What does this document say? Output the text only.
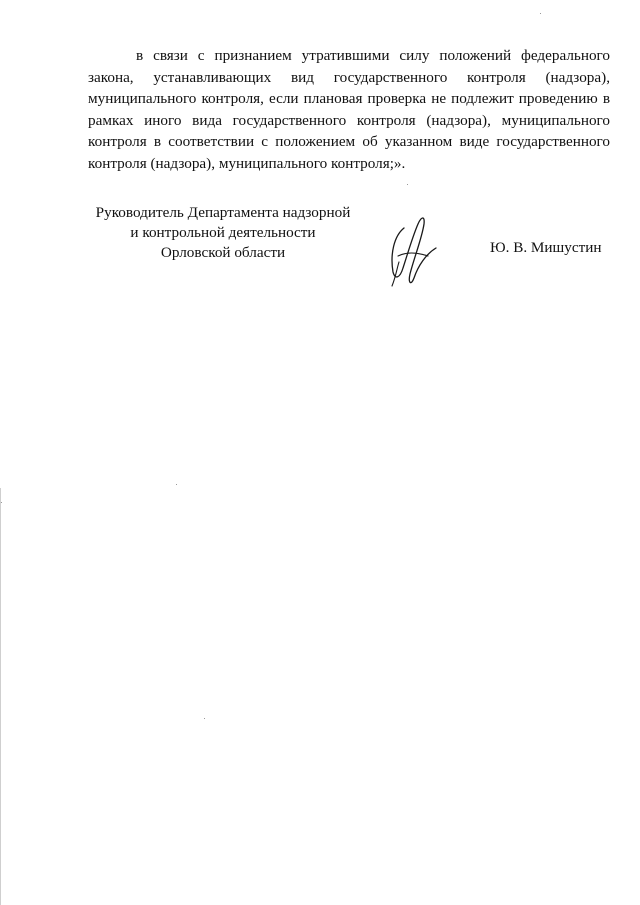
в связи с признанием утратившими силу положений федерального закона, устанавливающих вид государственного контроля (надзора), муниципального контроля, если плановая проверка не подлежит проведению в рамках иного вида государственного контроля (надзора), муниципального контроля в соответствии с положением об указанном виде государственного контроля (надзора), муниципального контроля;».

Руководитель Департамента надзорной
и контрольной деятельности
Орловской области	Ю. В. Мишустин
